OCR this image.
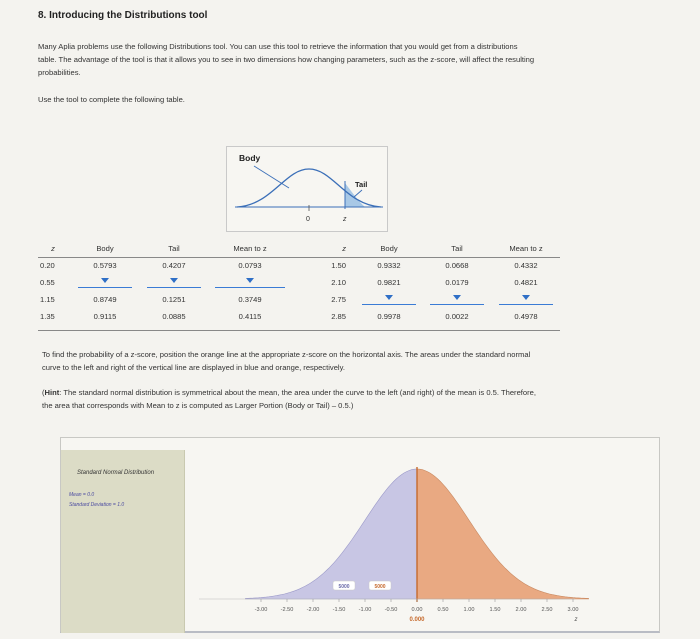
8. Introducing the Distributions tool
Many Aplia problems use the following Distributions tool. You can use this tool to retrieve the information that you would get from a distributions
table. The advantage of the tool is that it allows you to see in two dimensions how changing parameters, such as the z-score, will affect the resulting
probabilities.
Use the tool to complete the following table.
Body
Tail
0	z
z	Body	Tail	Mean to z	z	Body	Tail	Mean to z
0.20	0.5793	0.4207	0.0793	1.50	0.9332	0.0668	0.4332
0.55				2.10	0.9821	0.0179	0.4821
1.15	0.8749	0.1251	0.3749	2.75	

1.35	0.9115	0.0885	0.4115	2.85	0.9978	0.0022	0.4978
To find the probability of a z-score, position the orange line at the appropriate z-score on the horizontal axis. The areas under the standard normal
curve to the left and right of the vertical line are displayed in blue and orange, respectively.
(Hint: The standard normal distribution is symmetrical about the mean, the area under the curve to the left (and right) of the mean is 0.5. Therefore,
the area that corresponds with Mean to z is computed as Larger Portion (Body or Tail) – 0.5.)
Standard Normal Distribution
Mean = 0.0
Standard Deviation = 1.0
5000	5000
-3.00 -2.50 -2.00 -1.50 -1.00 -0.50	0.00	0.50	1.00	1.50	2.00	2.50	3.00
0.000	z
